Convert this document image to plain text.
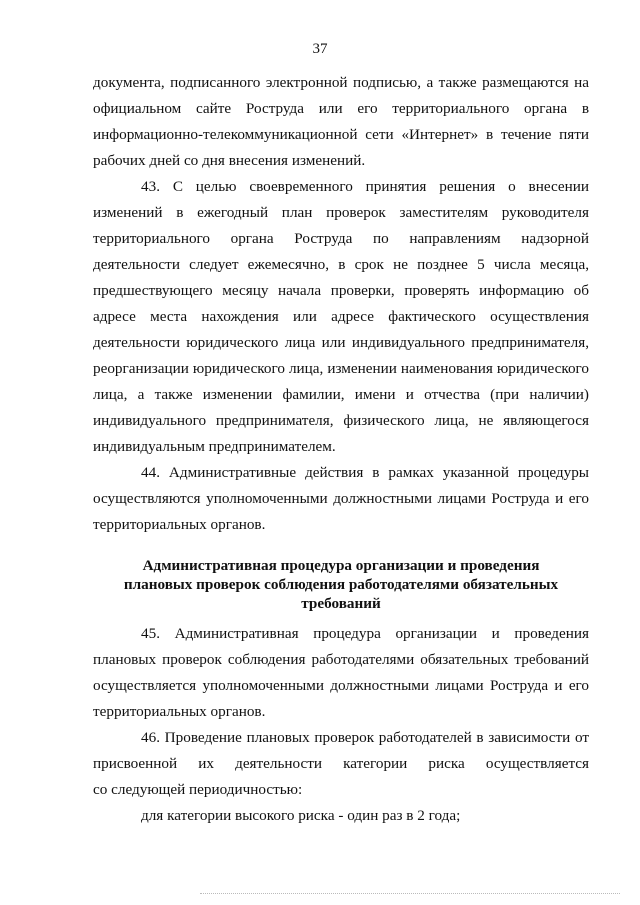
37
документа, подписанного электронной подписью, а также размещаются на
официальном сайте Роструда или его территориального органа в
информационно-телекоммуникационной сети «Интернет» в течение пяти
рабочих дней со дня внесения изменений.
43. С целью своевременного принятия решения о внесении
изменений в ежегодный план проверок заместителям руководителя
территориального органа Роструда по направлениям надзорной
деятельности следует ежемесячно, в срок не позднее 5 числа месяца,
предшествующего месяцу начала проверки, проверять информацию об
адресе места нахождения или адресе фактического осуществления
деятельности юридического лица или индивидуального предпринимателя,
реорганизации юридического лица, изменении наименования юридического
лица, а также изменении фамилии, имени и отчества (при наличии)
индивидуального предпринимателя, физического лица, не являющегося
индивидуальным предпринимателем.
44. Административные действия в рамках указанной процедуры
осуществляются уполномоченными должностными лицами Роструда и его
территориальных органов.
Административная процедура организации и проведения
плановых проверок соблюдения работодателями обязательных
требований
45. Административная процедура организации и проведения
плановых проверок соблюдения работодателями обязательных требований
осуществляется уполномоченными должностными лицами Роструда и его
территориальных органов.
46. Проведение плановых проверок работодателей в зависимости от
присвоенной их деятельности категории риска осуществляется
со следующей периодичностью:
для категории высокого риска - один раз в 2 года;
